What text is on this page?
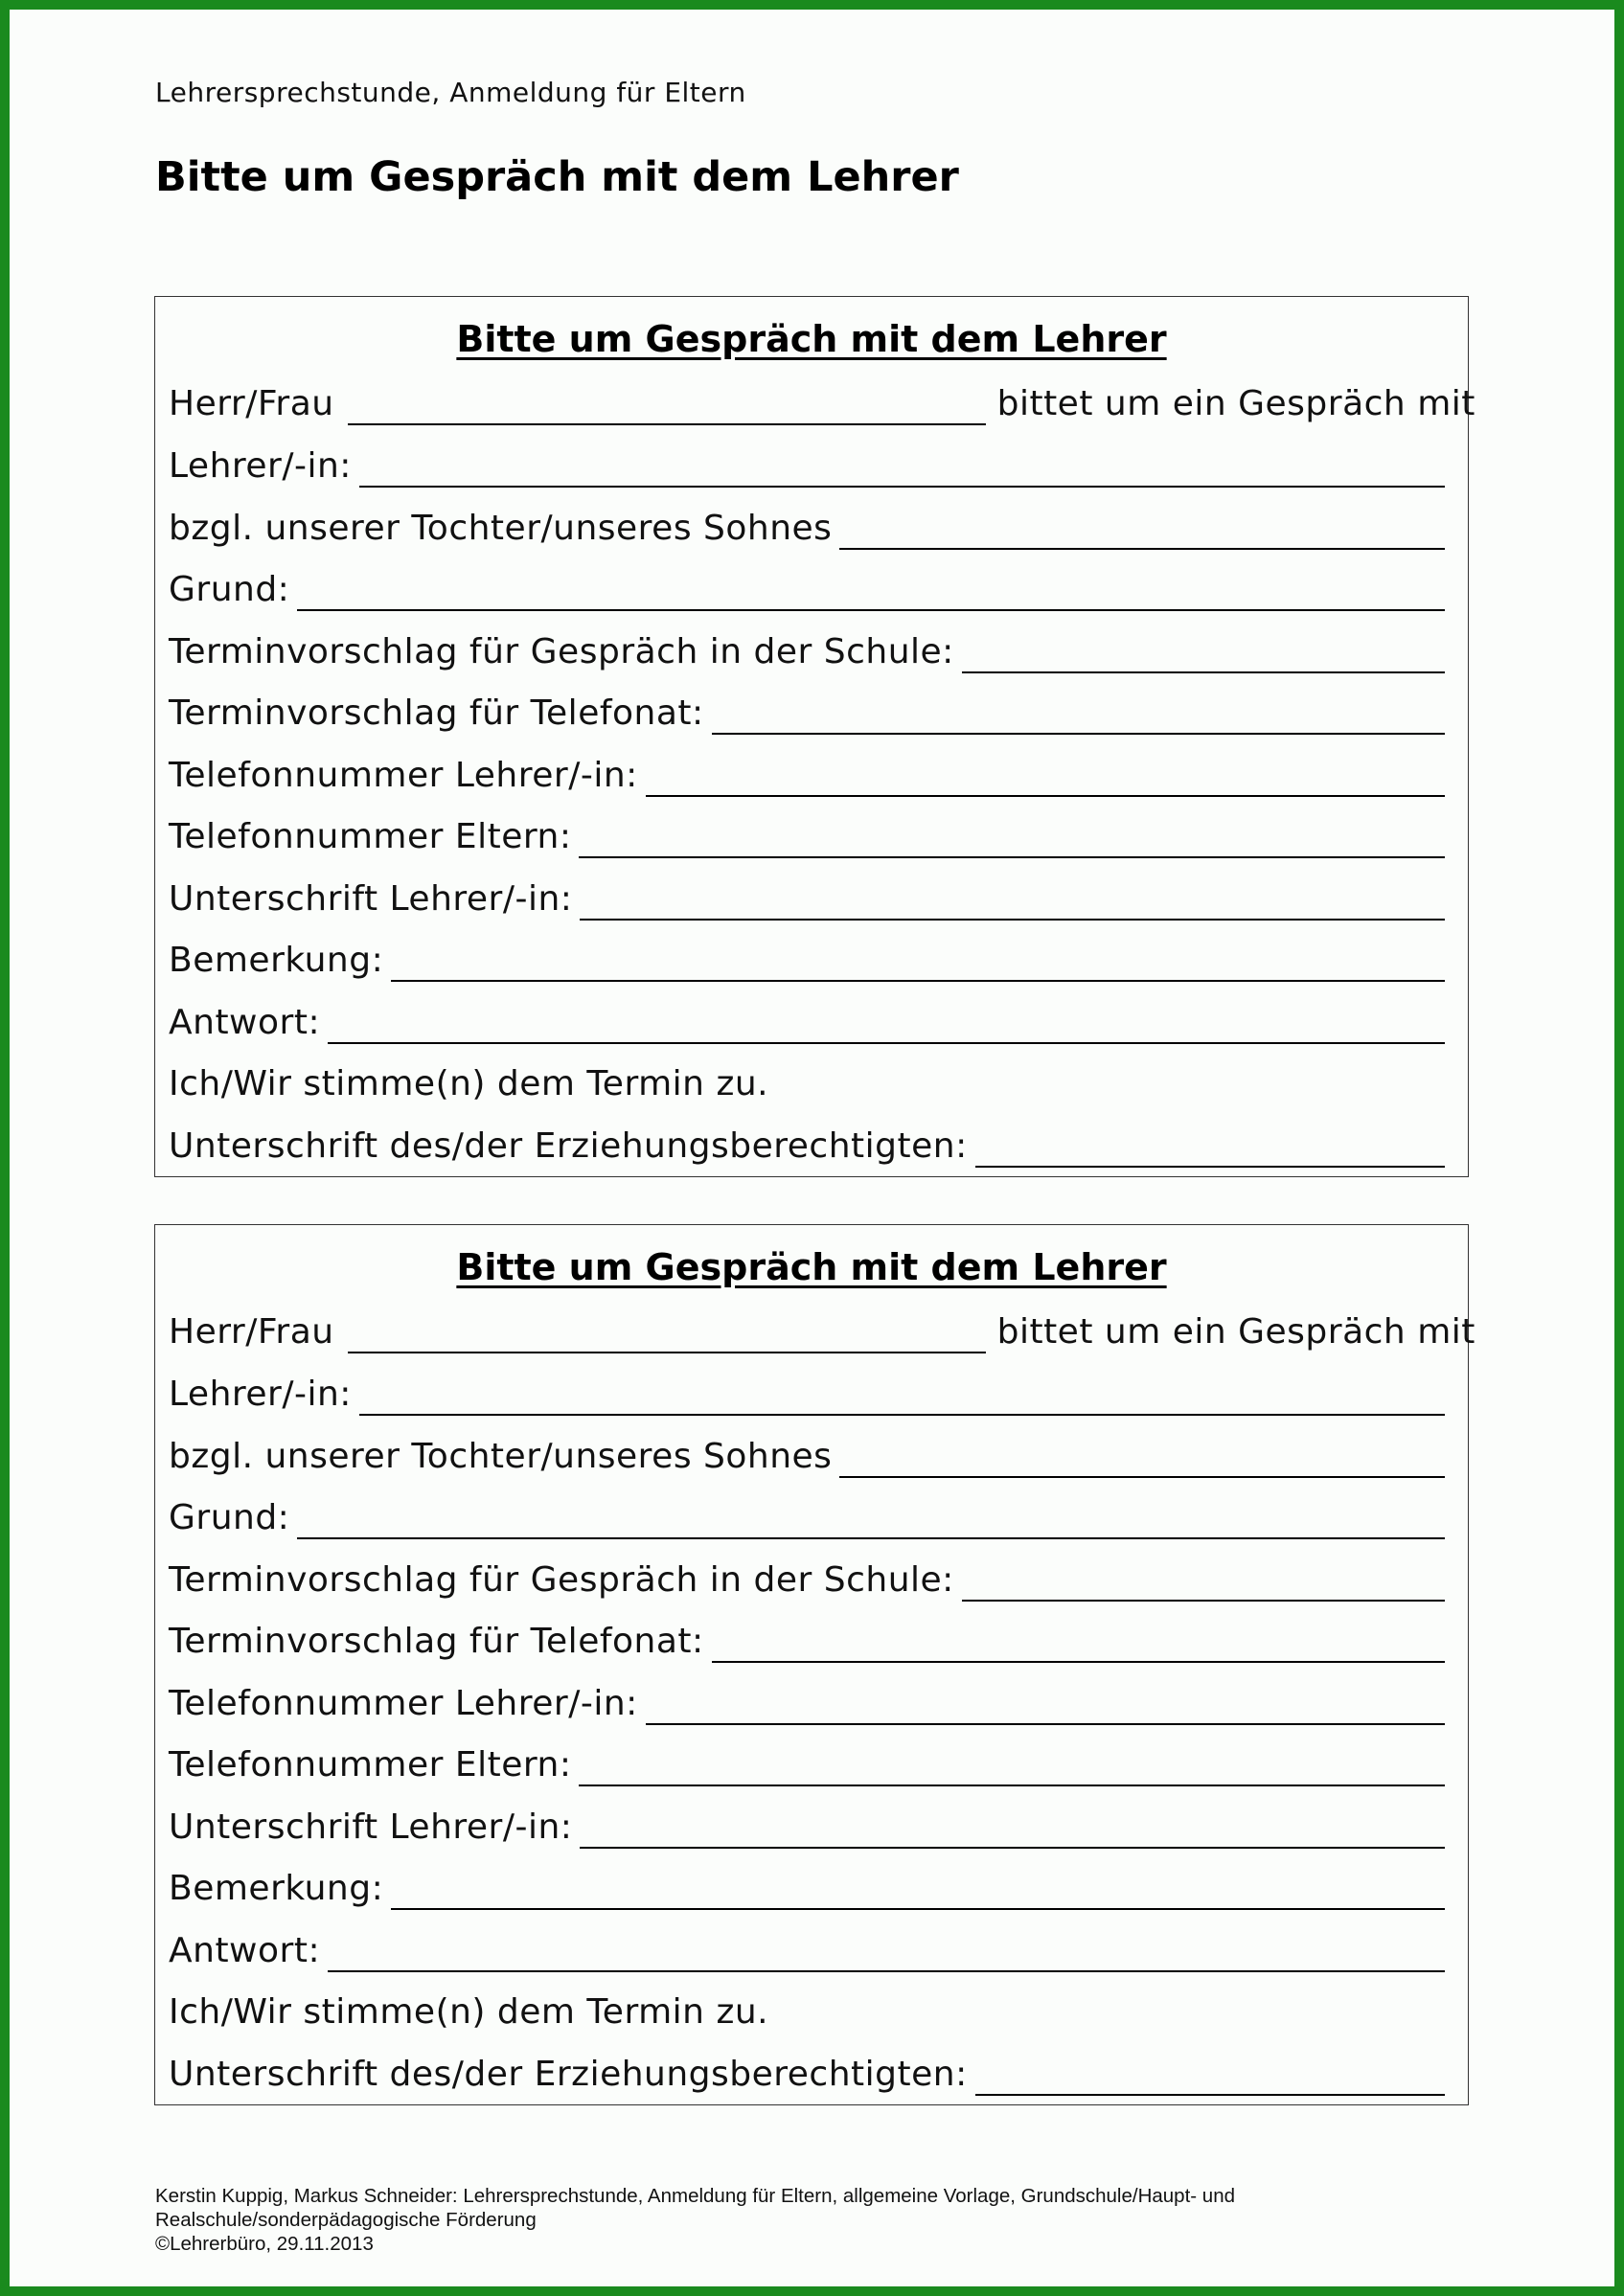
Lehrersprechstunde, Anmeldung für Eltern
Bitte um Gespräch mit dem Lehrer
Bitte um Gespräch mit dem Lehrer
Herr/Frau	bittet um ein Gespräch mit
Lehrer/-in:
bzgl. unserer Tochter/unseres Sohnes
Grund:
Terminvorschlag für Gespräch in der Schule:
Terminvorschlag für Telefonat:
Telefonnummer Lehrer/-in:
Telefonnummer Eltern:
Unterschrift Lehrer/-in:
Bemerkung:
Antwort:
Ich/Wir stimme(n) dem Termin zu.
Unterschrift des/der Erziehungsberechtigten:
Bitte um Gespräch mit dem Lehrer
Herr/Frau	bittet um ein Gespräch mit
Lehrer/-in:
bzgl. unserer Tochter/unseres Sohnes
Grund:
Terminvorschlag für Gespräch in der Schule:
Terminvorschlag für Telefonat:
Telefonnummer Lehrer/-in:
Telefonnummer Eltern:
Unterschrift Lehrer/-in:
Bemerkung:
Antwort:
Ich/Wir stimme(n) dem Termin zu.
Unterschrift des/der Erziehungsberechtigten:
Kerstin Kuppig, Markus Schneider: Lehrersprechstunde, Anmeldung für Eltern, allgemeine Vorlage, Grundschule/Haupt- und
Realschule/sonderpädagogische Förderung
©Lehrerbüro, 29.11.2013
